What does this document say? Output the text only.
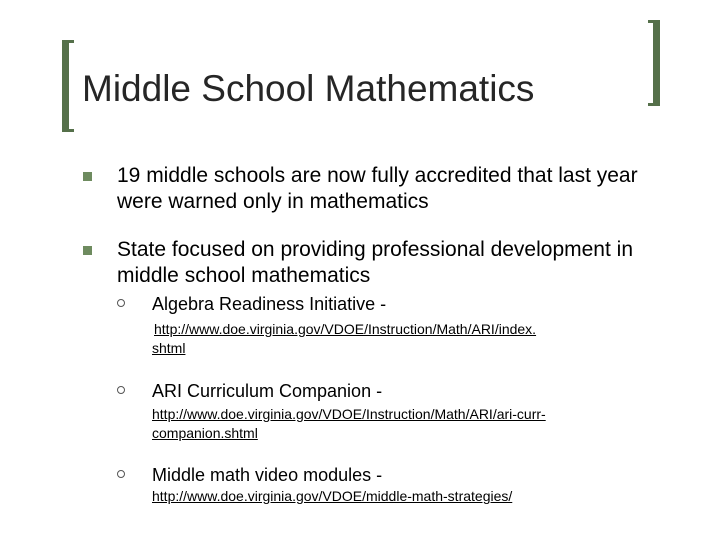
Middle School Mathematics
19 middle schools are now fully accredited that last year
were warned only in mathematics
State focused on providing professional development in
middle school mathematics
Algebra Readiness Initiative -
http://www.doe.virginia.gov/VDOE/Instruction/Math/ARI/index.
shtml
ARI Curriculum Companion -
http://www.doe.virginia.gov/VDOE/Instruction/Math/ARI/ari-curr-
companion.shtml
Middle math video modules -
http://www.doe.virginia.gov/VDOE/middle-math-strategies/
